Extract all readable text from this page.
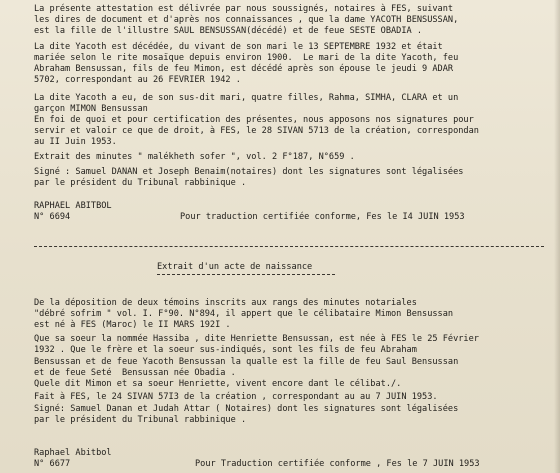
La présente attestation est délivrée par nous soussignés, notaires à FES, suivant
les dires de document et d'après nos connaissances , que la dame YACOTH BENSUSSAN,
est la fille de l'illustre SAUL BENSUSSAN(décédé) et de feue SESTE OBADIA .
La dite Yacoth est décédée, du vivant de son mari le 13 SEPTEMBRE 1932 et était
mariée selon le rite mosaïque depuis environ 1900.  Le mari de la dite Yacoth, feu
Abraham Bensussan, fils de feu Mimon, est décédé après son épouse le jeudi 9 ADAR
5702, correspondant au 26 FEVRIER 1942 .
La dite Yacoth a eu, de son sus-dit mari, quatre filles, Rahma, SIMHA, CLARA et un
garçon MIMON Bensussan
En foi de quoi et pour certification des présentes, nous apposons nos signatures pour
servir et valoir ce que de droit, à FES, le 28 SIVAN 5713 de la création, correspondan
au II Juin 1953.
Extrait des minutes " malékheth sofer ", vol. 2 F°187, N°659 .
Signé : Samuel DANAN et Joseph Benaim(notaires) dont les signatures sont légalisées
par le président du Tribunal rabbinique .
RAPHAEL ABITBOL
N° 6694	Pour traduction certifiée conforme, Fes le I4 JUIN 1953
Extrait d'un acte de naissance
De la déposition de deux témoins inscrits aux rangs des minutes notariales
"débré sofrim " vol. I. F°90. N°894, il appert que le célibataire Mimon Bensussan
est né à FES (Maroc) le II MARS 192I .
Que sa soeur la nommée Hassiba , dite Henriette Bensussan, est née à FES le 25 Février
1932 . Que le frère et la soeur sus-indiqués, sont les fils de feu Abraham
Bensussan et de feue Yacoth Bensussan la qualle est la fille de feu Saul Bensussan
et de feue Seté  Bensussan née Obadia .
Quele dit Mimon et sa soeur Henriette, vivent encore dant le célibat./.
Fait à FES, le 24 SIVAN 57I3 de la création , correspondant au au 7 JUIN 1953.
Signé: Samuel Danan et Judah Attar ( Notaires) dont les signatures sont légalisées
par le président du Tribunal rabbinique .
Raphael Abitbol
N° 6677	Pour Traduction certifiée conforme , Fes le 7 JUIN 1953
